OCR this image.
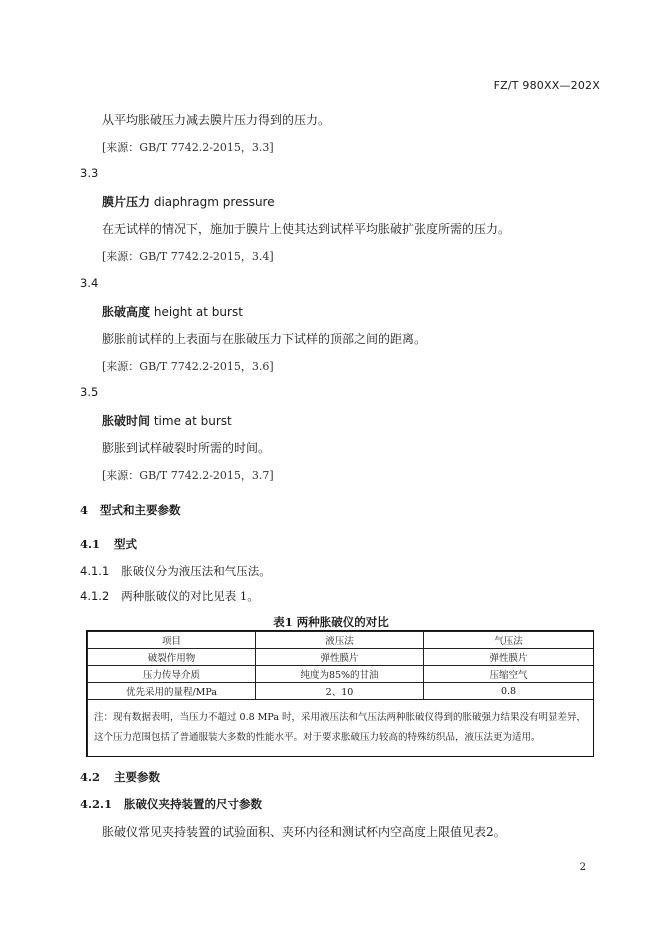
FZ/T 980XX—202X
从平均胀破压力减去膜片压力得到的压力。
[来源：GB/T 7742.2-2015，3.3]
3.3
膜片压力 diaphragm pressure
在无试样的情况下，施加于膜片上使其达到试样平均胀破扩张度所需的压力。
[来源：GB/T 7742.2-2015，3.4]
3.4
胀破高度 height at burst
膨胀前试样的上表面与在胀破压力下试样的顶部之间的距离。
[来源：GB/T 7742.2-2015，3.6]
3.5
胀破时间 time at burst
膨胀到试样破裂时所需的时间。
[来源：GB/T 7742.2-2015，3.7]
4 型式和主要参数
4.1 型式
4.1.1 胀破仪分为液压法和气压法。
4.1.2 两种胀破仪的对比见表 1。
表1 两种胀破仪的对比
项目	液压法	气压法
破裂作用物	弹性膜片	弹性膜片
压力传导介质	纯度为85%的甘油	压缩空气
优先采用的量程/MPa	2、10	0.8
注：现有数据表明，当压力不超过 0.8 MPa 时，采用液压法和气压法两种胀破仪得到的胀破强力结果没有明显差异，这个压力范围包括了普通服装大多数的性能水平。对于要求胀破压力较高的特殊纺织品，液压法更为适用。		
4.2 主要参数
4.2.1 胀破仪夹持装置的尺寸参数
胀破仪常见夹持装置的试验面积、夹环内径和测试杯内空高度上限值见表2。
2
